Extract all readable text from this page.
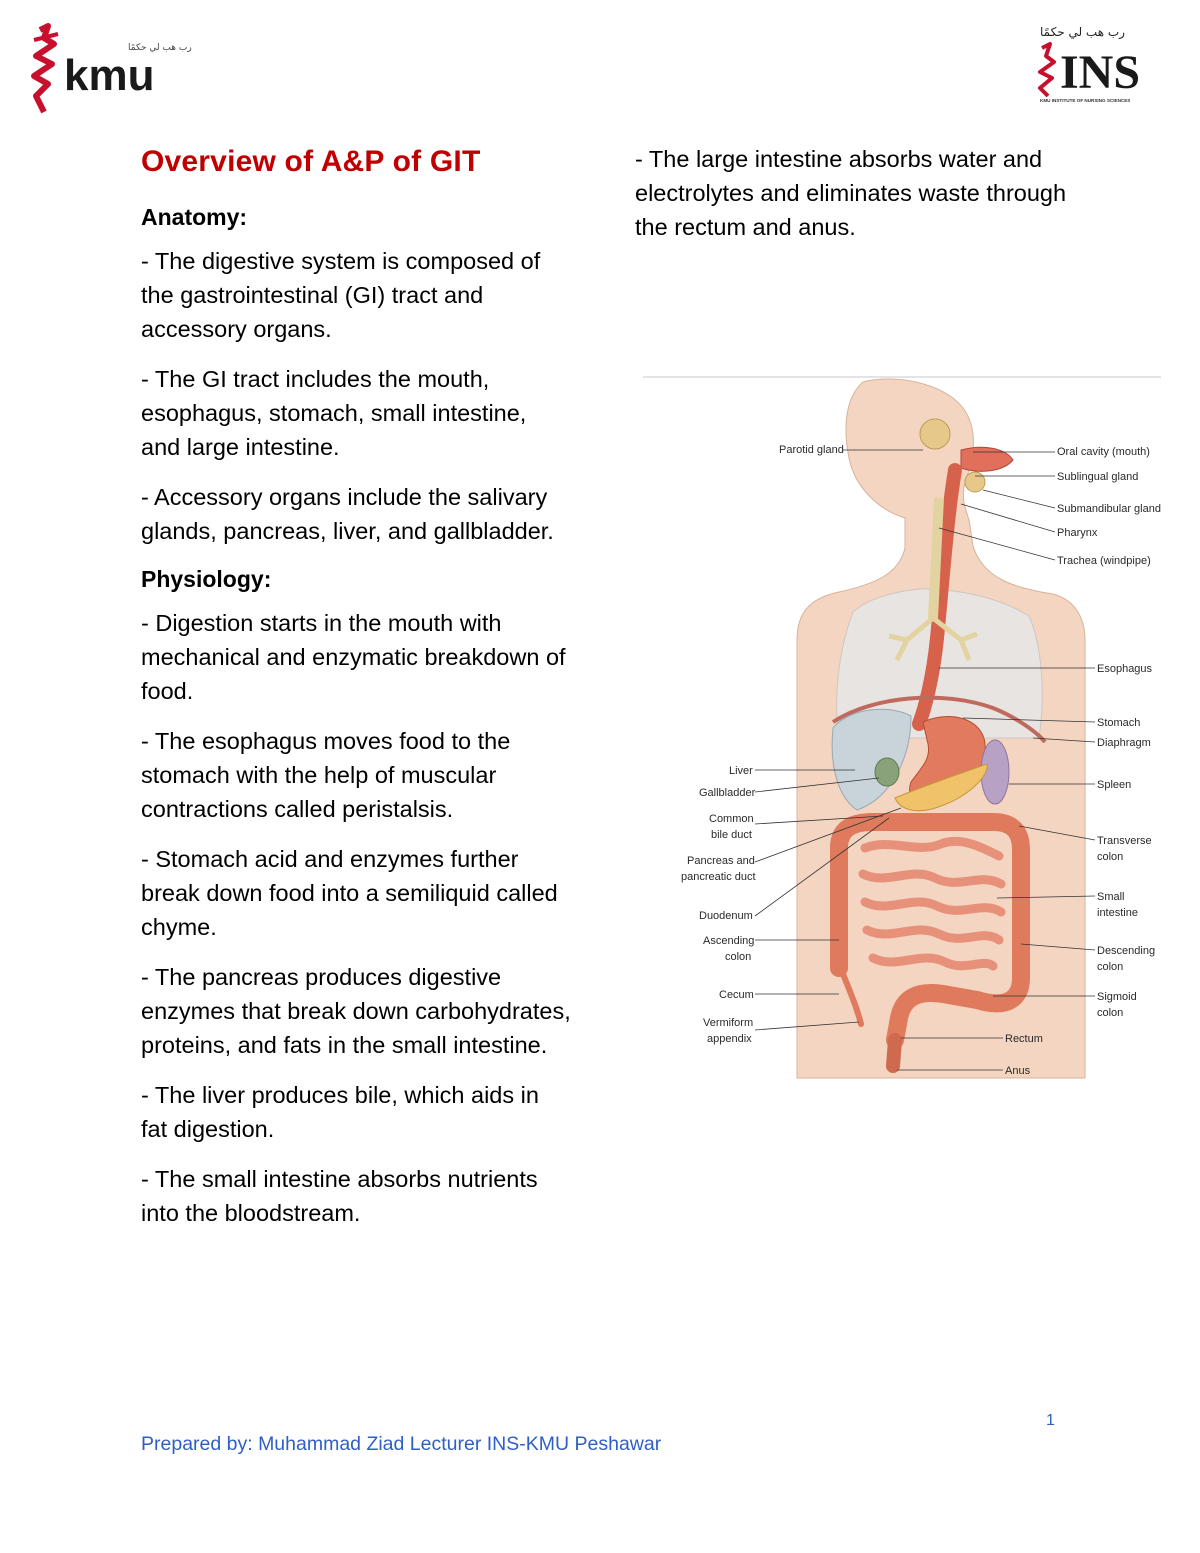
kmu
رب هب لي حكمًا
رب هب لي حكمًا
INS
KMU INSTITUTE OF NURSING SCIENCES
Overview of A&P of GIT
Anatomy:

- The digestive system is composed of the gastrointestinal (GI) tract and accessory organs.

- The GI tract includes the mouth, esophagus, stomach, small intestine, and large intestine.

- Accessory organs include the salivary glands, pancreas, liver, and gallbladder.

Physiology:

- Digestion starts in the mouth with mechanical and enzymatic breakdown of food.

- The esophagus moves food to the stomach with the help of muscular contractions called peristalsis.

- Stomach acid and enzymes further break down food into a semiliquid called chyme.

- The pancreas produces digestive enzymes that break down carbohydrates, proteins, and fats in the small intestine.

- The liver produces bile, which aids in fat digestion.

- The small intestine absorbs nutrients into the bloodstream.

- The large intestine absorbs water and electrolytes and eliminates waste through the rectum and anus.

Parotid gland
Liver
Gallbladder
Common
bile duct
Pancreas and
pancreatic duct
Duodenum
Ascending
colon
Cecum
Vermiform
appendix
Oral cavity (mouth)
Sublingual gland
Submandibular gland
Pharynx
Trachea (windpipe)
Esophagus
Stomach
Diaphragm
Spleen
Transverse
colon
Small
intestine
Descending
colon
Sigmoid
colon
Rectum
Anus
1
Prepared by: Muhammad Ziad Lecturer INS-KMU Peshawar
